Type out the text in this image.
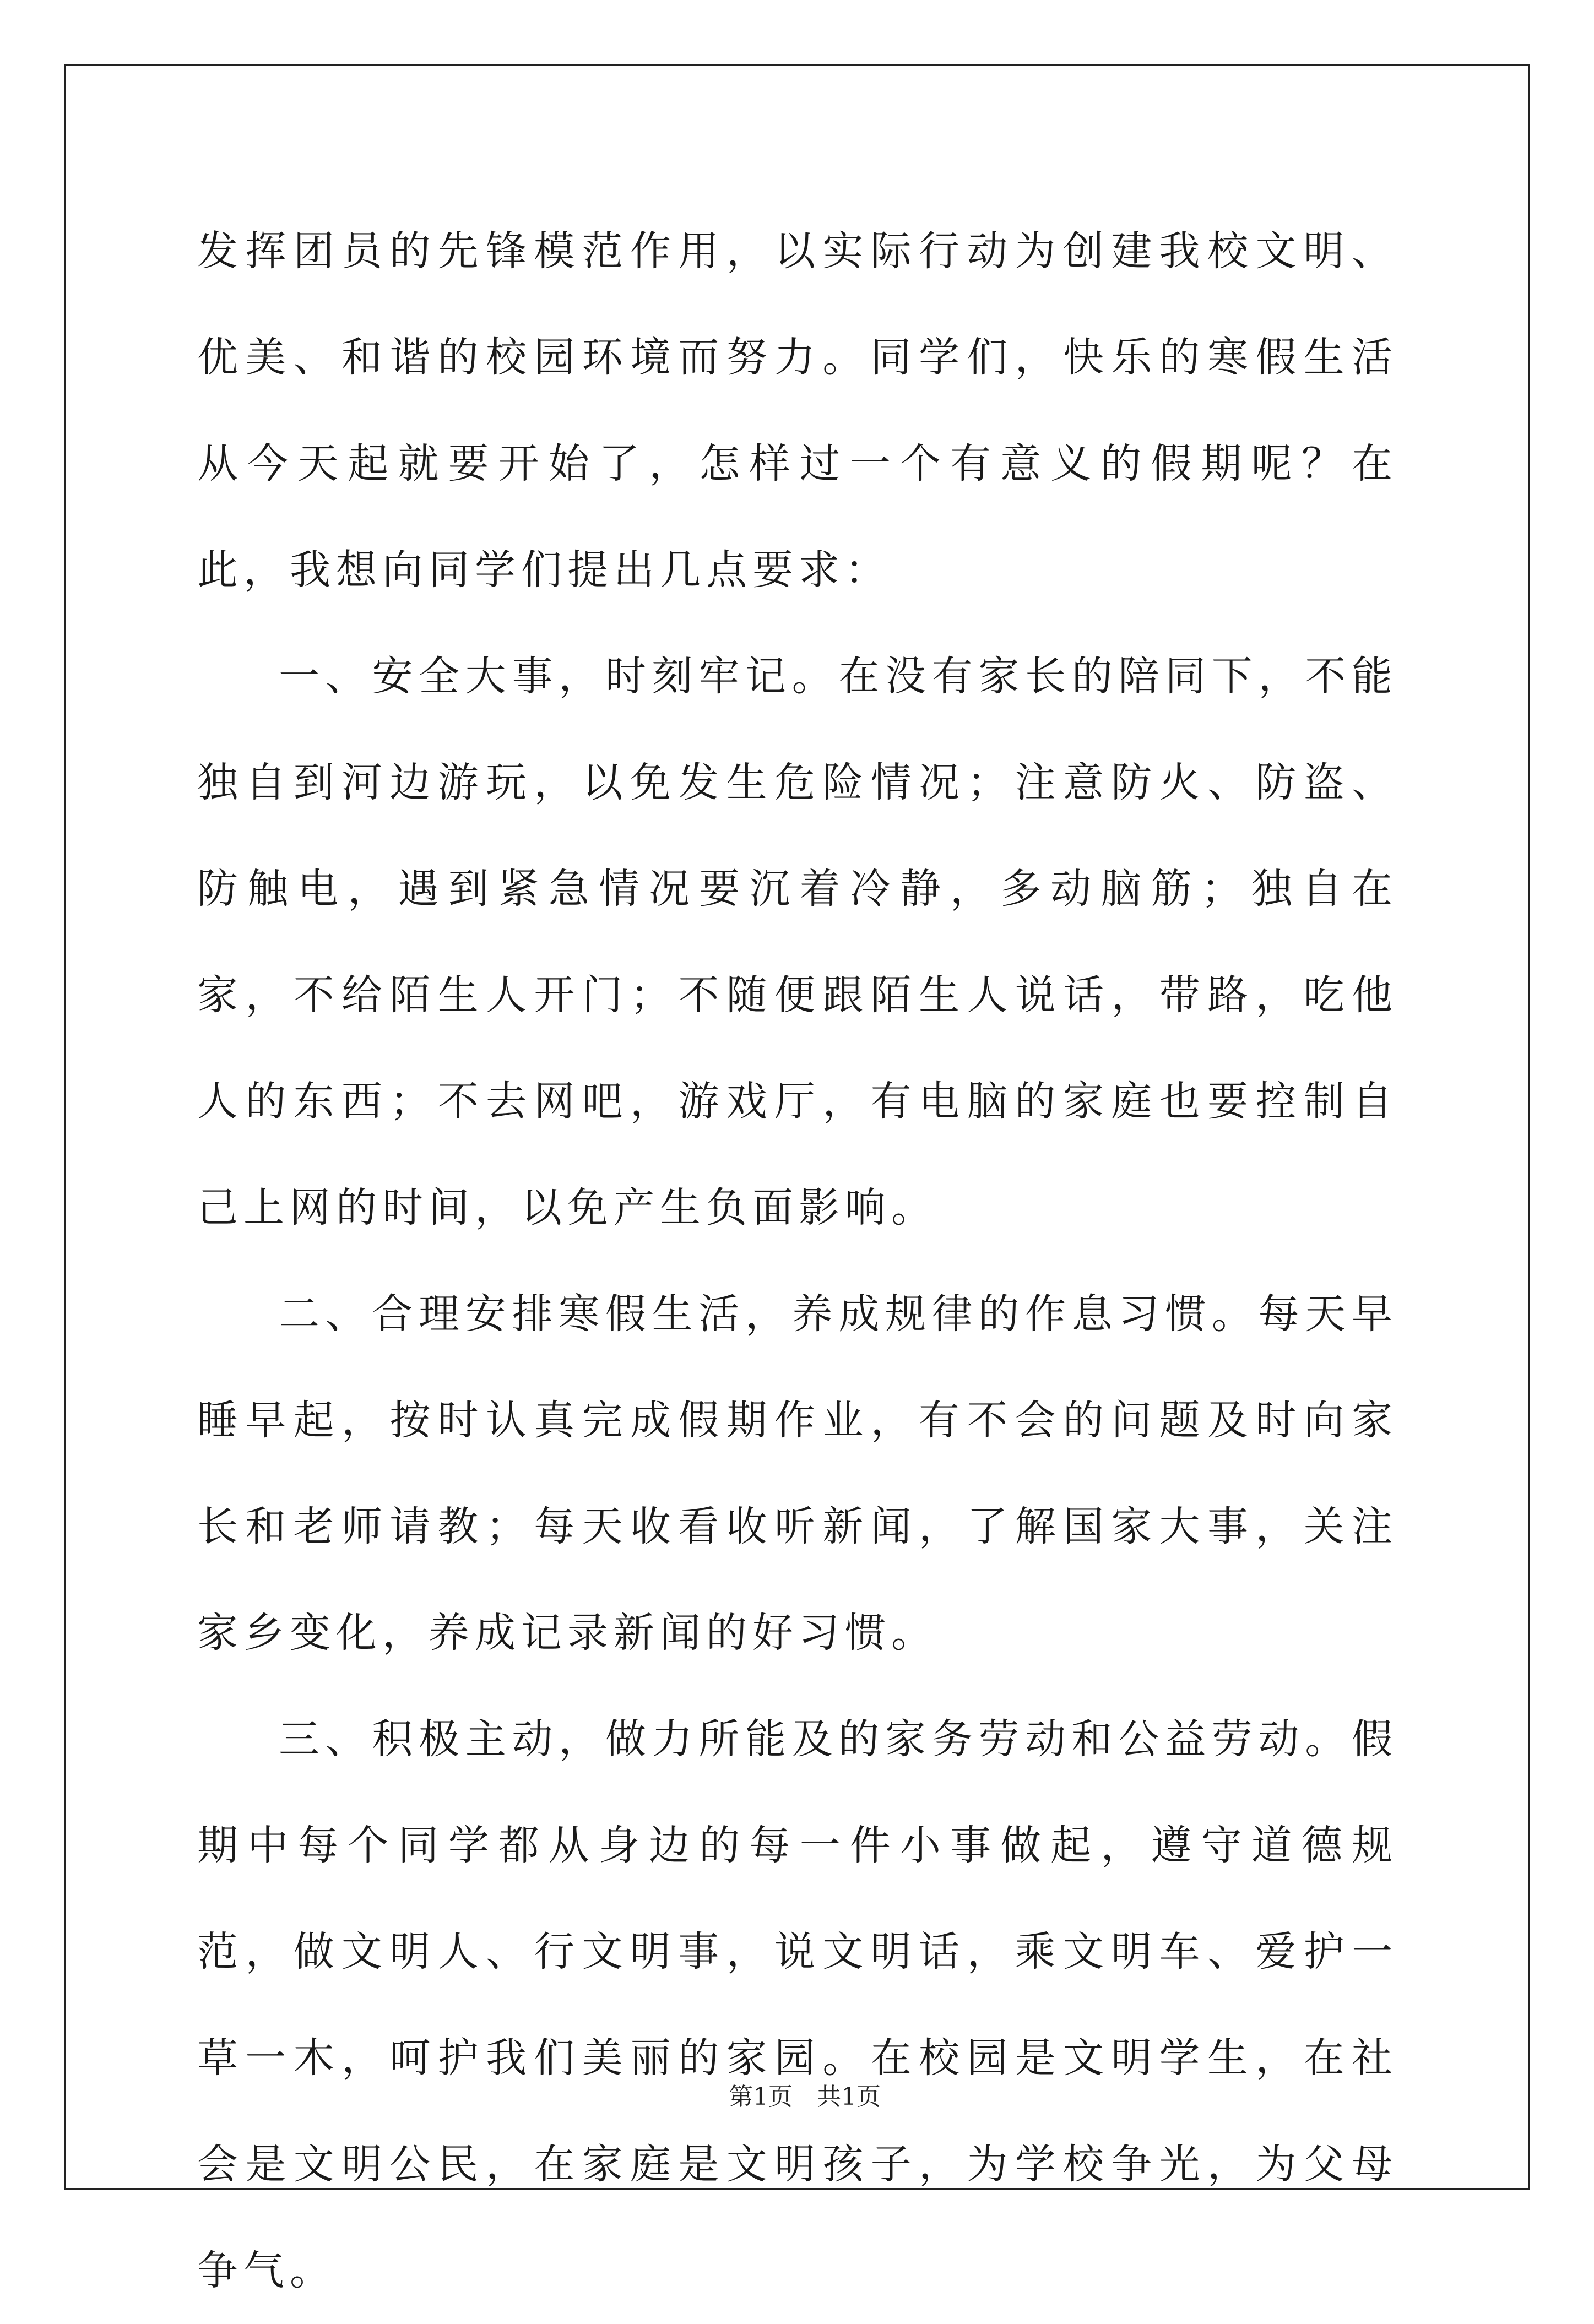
发挥团员的先锋模范作用，以实际行动为创建我校文明、优美、和谐的校园环境而努力。同学们，快乐的寒假生活从今天起就要开始了，怎样过一个有意义的假期呢？在此，我想向同学们提出几点要求：

一、安全大事，时刻牢记。在没有家长的陪同下，不能独自到河边游玩，以免发生危险情况；注意防火、防盗、防触电，遇到紧急情况要沉着冷静，多动脑筋；独自在家，不给陌生人开门；不随便跟陌生人说话，带路，吃他人的东西；不去网吧，游戏厅，有电脑的家庭也要控制自己上网的时间，以免产生负面影响。

二、合理安排寒假生活，养成规律的作息习惯。每天早睡早起，按时认真完成假期作业，有不会的问题及时向家长和老师请教；每天收看收听新闻，了解国家大事，关注家乡变化，养成记录新闻的好习惯。

三、积极主动，做力所能及的家务劳动和公益劳动。假期中每个同学都从身边的每一件小事做起，遵守道德规范，做文明人、行文明事，说文明话，乘文明车、爱护一草一木，呵护我们美丽的家园。在校园是文明学生，在社会是文明公民，在家庭是文明孩子，为学校争光，为父母争气。

第1页 共1页
